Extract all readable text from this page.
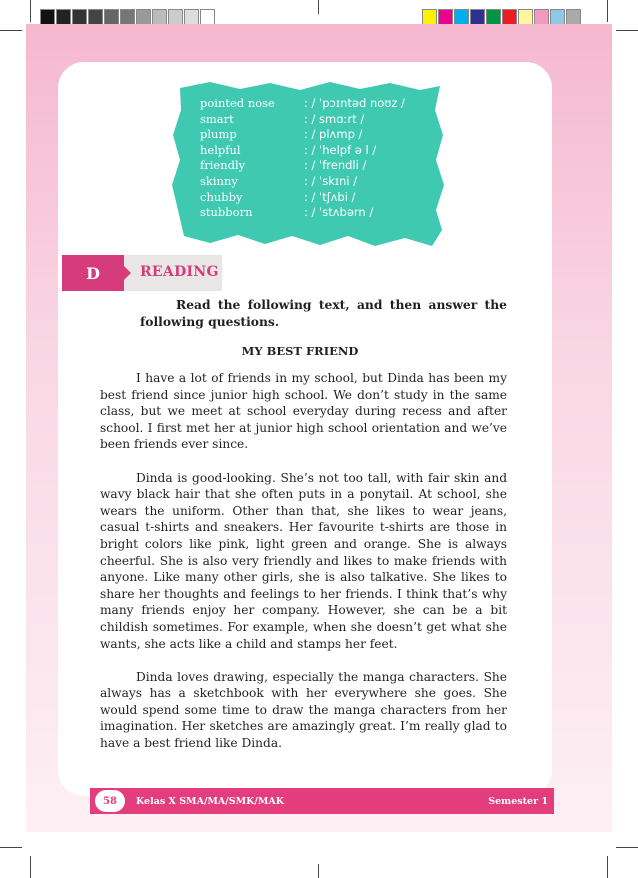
pointed nose	: / ˈpɔɪntəd noʊz /
smart	: / smɑːrt /
plump	: / plʌmp /
helpful	: / ˈhelpf ə l /
friendly	: / ˈfrendli /
skinny	: / ˈskɪni /
chubby	: / ˈtʃʌbi /
stubborn	: / ˈstʌbərn /
D	READING
Read the following text, and then answer the
following questions.
MY BEST FRIEND

I have a lot of friends in my school, but Dinda has been my best friend since junior high school. We don’t study in the same class, but we meet at school everyday during recess and after school. I first met her at junior high school orientation and we’ve been friends ever since.

Dinda is good-looking. She’s not too tall, with fair skin and wavy black hair that she often puts in a ponytail. At school, she wears the uniform. Other than that, she likes to wear jeans, casual t-shirts and sneakers. Her favourite t-shirts are those in bright colors like pink, light green and orange. She is always cheerful. She is also very friendly and likes to make friends with anyone. Like many other girls, she is also talkative. She likes to share her thoughts and feelings to her friends. I think that’s why many friends enjoy her company. However, she can be a bit childish sometimes. For example, when she doesn’t get what she wants, she acts like a child and stamps her feet.

Dinda loves drawing, especially the manga characters. She always has a sketchbook with her everywhere she goes. She would spend some time to draw the manga characters from her imagination. Her sketches are amazingly great. I’m really glad to have a best friend like Dinda.

58	Kelas X SMA/MA/SMK/MAK	Semester 1
